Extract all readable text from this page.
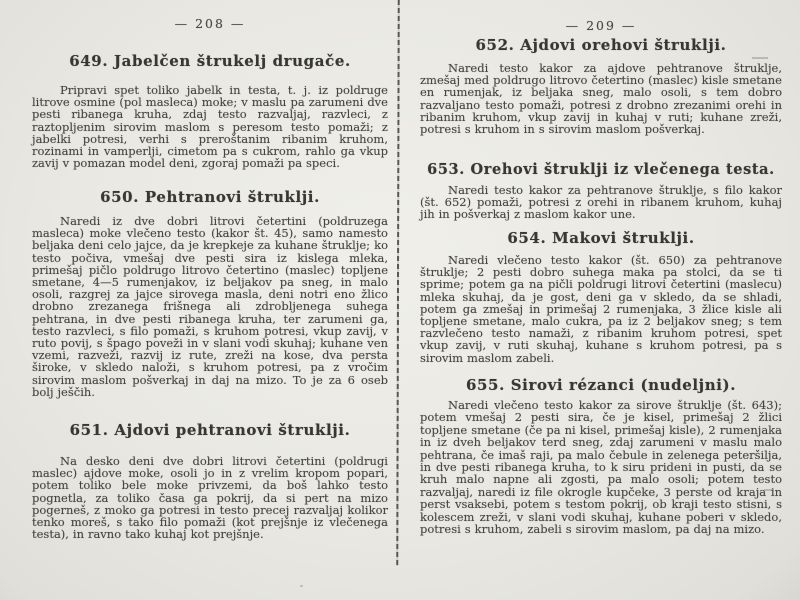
— 208 —
649. Jabelčen štrukelj drugače.
Pripravi spet toliko jabelk in testa, t. j. iz poldruge litrove osmine (pol masleca) moke; v maslu pa zarumeni dve pesti ribanega kruha, zdaj testo razvaljaj, razvleci, z raztopljenim sirovim maslom s peresom testo pomaži; z jabelki potresi, verhi s preroštanim ribanim kruhom, rozinami in vamperlji, cimetom pa s cukrom, rahlo ga vkup zavij v pomazan model deni, zgoraj pomaži pa speci.
650. Pehtranovi štruklji.
Naredi iz dve dobri litrovi četertini (poldruzega masleca) moke vlečeno testo (kakor št. 45), samo namesto beljaka deni celo jajce, da je krepkeje za kuhane štruklje; ko testo počiva, vmešaj dve pesti sira iz kislega mleka, primešaj pičlo poldrugo litrovo četertino (maslec) topljene smetane, 4—5 rumenjakov, iz beljakov pa sneg, in malo osoli, razgrej za jajce sirovega masla, deni notri eno žlico drobno zrezanega frišnega ali zdrobljenega suhega pehtrana, in dve pesti ribanega kruha, ter zarumeni ga, testo razvleci, s filo pomaži, s kruhom potresi, vkup zavij, v ruto povij, s špago poveži in v slani vodi skuhaj; kuhane ven vzemi, razveži, razvij iz rute, zreži na kose, dva persta široke, v skledo naloži, s kruhom potresi, pa z vročim sirovim maslom pošverkaj in daj na mizo. To je za 6 oseb bolj ješčih.
651. Ajdovi pehtranovi štruklji.
Na desko deni dve dobri litrovi četertini (poldrugi maslec) ajdove moke, osoli jo in z vrelim kropom popari, potem toliko bele moke privzemi, da boš lahko testo pognetla, za toliko časa ga pokrij, da si pert na mizo pogerneš, z moko ga potresi in testo precej razvaljaj kolikor tenko moreš, s tako filo pomaži (kot prejšnje iz vlečenega testa), in ravno tako kuhaj kot prejšnje.
— 209 —
652. Ajdovi orehovi štruklji.
Naredi testo kakor za ajdove pehtranove štruklje, zmešaj med poldrugo litrovo četertino (maslec) kisle smetane en rumenjak, iz beljaka sneg, malo osoli, s tem dobro razvaljano testo pomaži, potresi z drobno zrezanimi orehi in ribanim kruhom, vkup zavij in kuhaj v ruti; kuhane zreži, potresi s kruhom in s sirovim maslom pošverkaj.
653. Orehovi štruklji iz vlečenega testa.
Naredi testo kakor za pehtranove štruklje, s filo kakor (št. 652) pomaži, potresi z orehi in ribanem kruhom, kuhaj jih in pošverkaj z maslom kakor une.
654. Makovi štruklji.
Naredi vlečeno testo kakor (št. 650) za pehtranove štruklje; 2 pesti dobro suhega maka pa stolci, da se ti sprime; potem ga na pičli poldrugi litrovi četertini (maslecu) mleka skuhaj, da je gost, deni ga v skledo, da se shladi, potem ga zmešaj in primešaj 2 rumenjaka, 3 žlice kisle ali topljene smetane, malo cukra, pa iz 2 beljakov sneg; s tem razvlečeno testo namaži, z ribanim kruhom potresi, spet vkup zavij, v ruti skuhaj, kuhane s kruhom potresi, pa s sirovim maslom zabeli.
655. Sirovi rézanci (nudeljni).
Naredi vlečeno testo kakor za sirove štruklje (št. 643); potem vmešaj 2 pesti sira, če je kisel, primešaj 2 žlici topljene smetane (če pa ni kisel, primešaj kisle), 2 rumenjaka in iz dveh beljakov terd sneg, zdaj zarumeni v maslu malo pehtrana, če imaš raji, pa malo čebule in zelenega peteršilja, in dve pesti ribanega kruha, to k siru prideni in pusti, da se kruh malo napne ali zgosti, pa malo osoli; potem testo razvaljaj, naredi iz file okrogle kupčeke, 3 perste od kraja in perst vsaksebi, potem s testom pokrij, ob kraji testo stisni, s kolescem zreži, v slani vodi skuhaj, kuhane poberi v skledo, potresi s kruhom, zabeli s sirovim maslom, pa daj na mizo.
